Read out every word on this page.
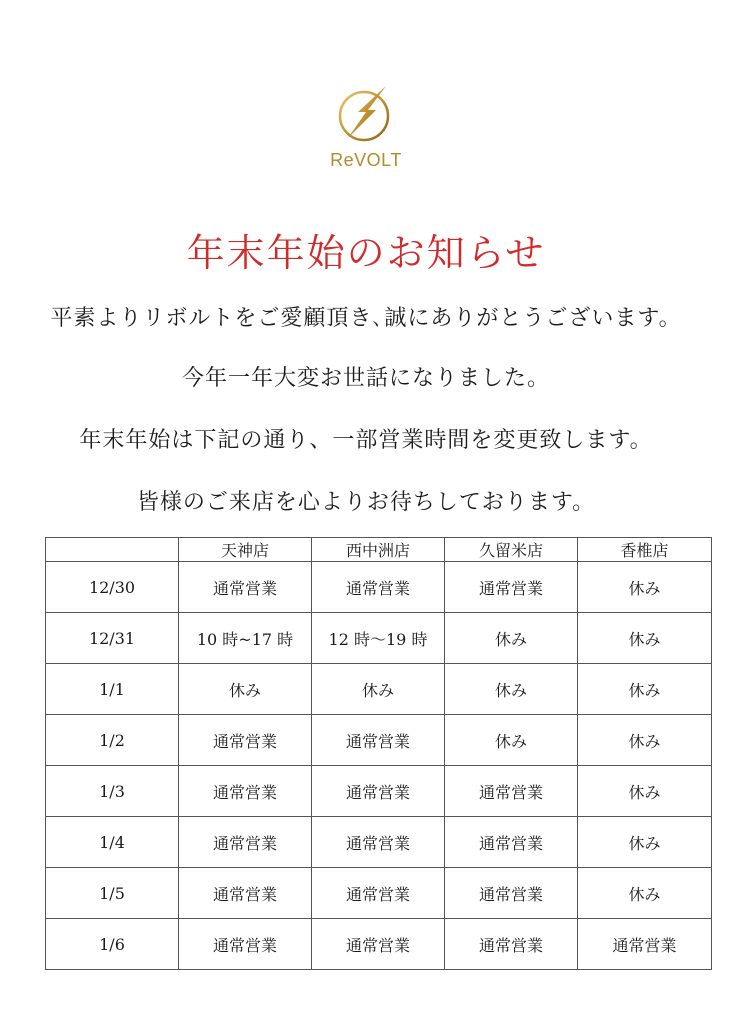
ReVOLT
年末年始のお知らせ
平素よりリボルトをご愛顧頂き､誠にありがとうございます。
今年一年大変お世話になりました。
年末年始は下記の通り、一部営業時間を変更致します。
皆様のご来店を心よりお待ちしております。
	天神店	西中洲店	久留米店	香椎店
12/30	通常営業	通常営業	通常営業	休み
12/31	10 時~17 時	12 時～19 時	休み	休み
1/1	休み	休み	休み	休み
1/2	通常営業	通常営業	休み	休み
1/3	通常営業	通常営業	通常営業	休み
1/4	通常営業	通常営業	通常営業	休み
1/5	通常営業	通常営業	通常営業	休み
1/6	通常営業	通常営業	通常営業	通常営業
